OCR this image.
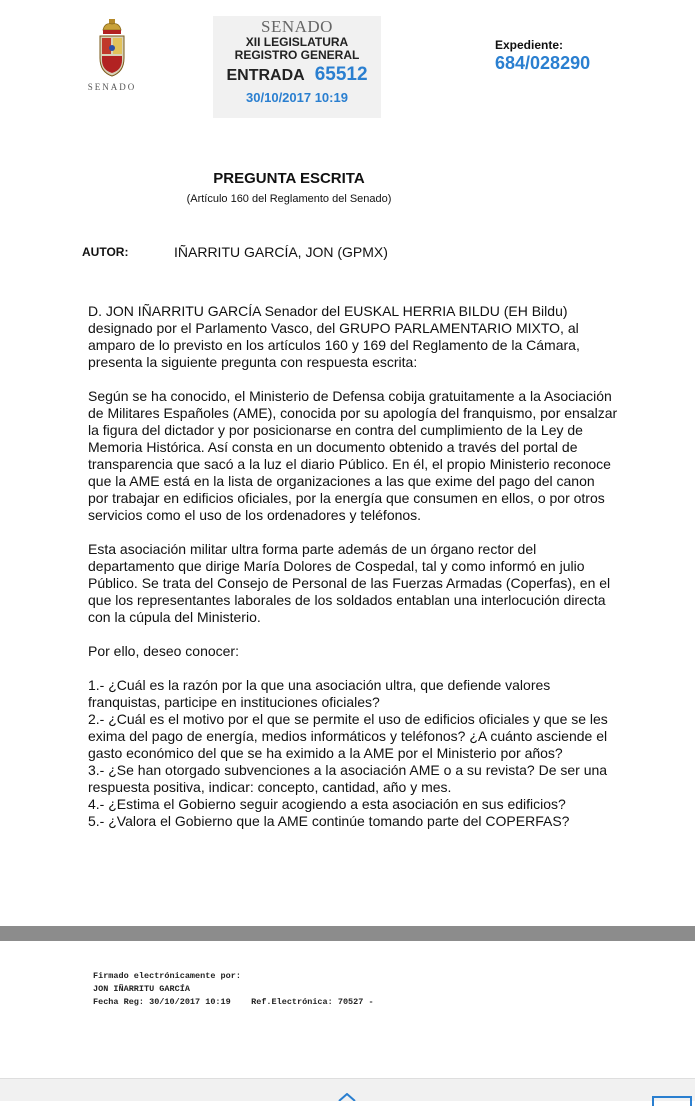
SENADO
SENADO
XII LEGISLATURA
REGISTRO GENERAL
ENTRADA 65512
30/10/2017 10:19
Expediente:
684/028290
PREGUNTA ESCRITA
(Artículo 160 del Reglamento del Senado)
AUTOR:	IÑARRITU GARCÍA, JON (GPMX)

D. JON IÑARRITU GARCÍA Senador del EUSKAL HERRIA BILDU (EH Bildu) designado por el Parlamento Vasco, del GRUPO PARLAMENTARIO MIXTO, al amparo de lo previsto en los artículos 160 y 169 del Reglamento de la Cámara, presenta la siguiente pregunta con respuesta escrita:

Según se ha conocido, el Ministerio de Defensa cobija gratuitamente a la Asociación de Militares Españoles (AME), conocida por su apología del franquismo, por ensalzar la figura del dictador y por posicionarse en contra del cumplimiento de la Ley de Memoria Histórica. Así consta en un documento obtenido a través del portal de transparencia que sacó a la luz el diario Público. En él, el propio Ministerio reconoce que la AME está en la lista de organizaciones a las que exime del pago del canon por trabajar en edificios oficiales, por la energía que consumen en ellos, o por otros servicios como el uso de los ordenadores y teléfonos.

Esta asociación militar ultra forma parte además de un órgano rector del departamento que dirige María Dolores de Cospedal, tal y como informó en julio Público. Se trata del Consejo de Personal de las Fuerzas Armadas (Coperfas), en el que los representantes laborales de los soldados entablan una interlocución directa con la cúpula del Ministerio.

Por ello, deseo conocer:

1.- ¿Cuál es la razón por la que una asociación ultra, que defiende valores franquistas, participe en instituciones oficiales?

2.- ¿Cuál es el motivo por el que se permite el uso de edificios oficiales y que se les exima del pago de energía, medios informáticos y teléfonos? ¿A cuánto asciende el gasto económico del que se ha eximido a la AME por el Ministerio por años?

3.- ¿Se han otorgado subvenciones a la asociación AME o a su revista? De ser una respuesta positiva, indicar: concepto, cantidad, año y mes.

4.- ¿Estima el Gobierno seguir acogiendo a esta asociación en sus edificios?

5.- ¿Valora el Gobierno que la AME continúe tomando parte del COPERFAS?

Firmado electrónicamente por:
JON IÑARRITU GARCÍA
Fecha Reg: 30/10/2017 10:19    Ref.Electrónica: 70527 -
